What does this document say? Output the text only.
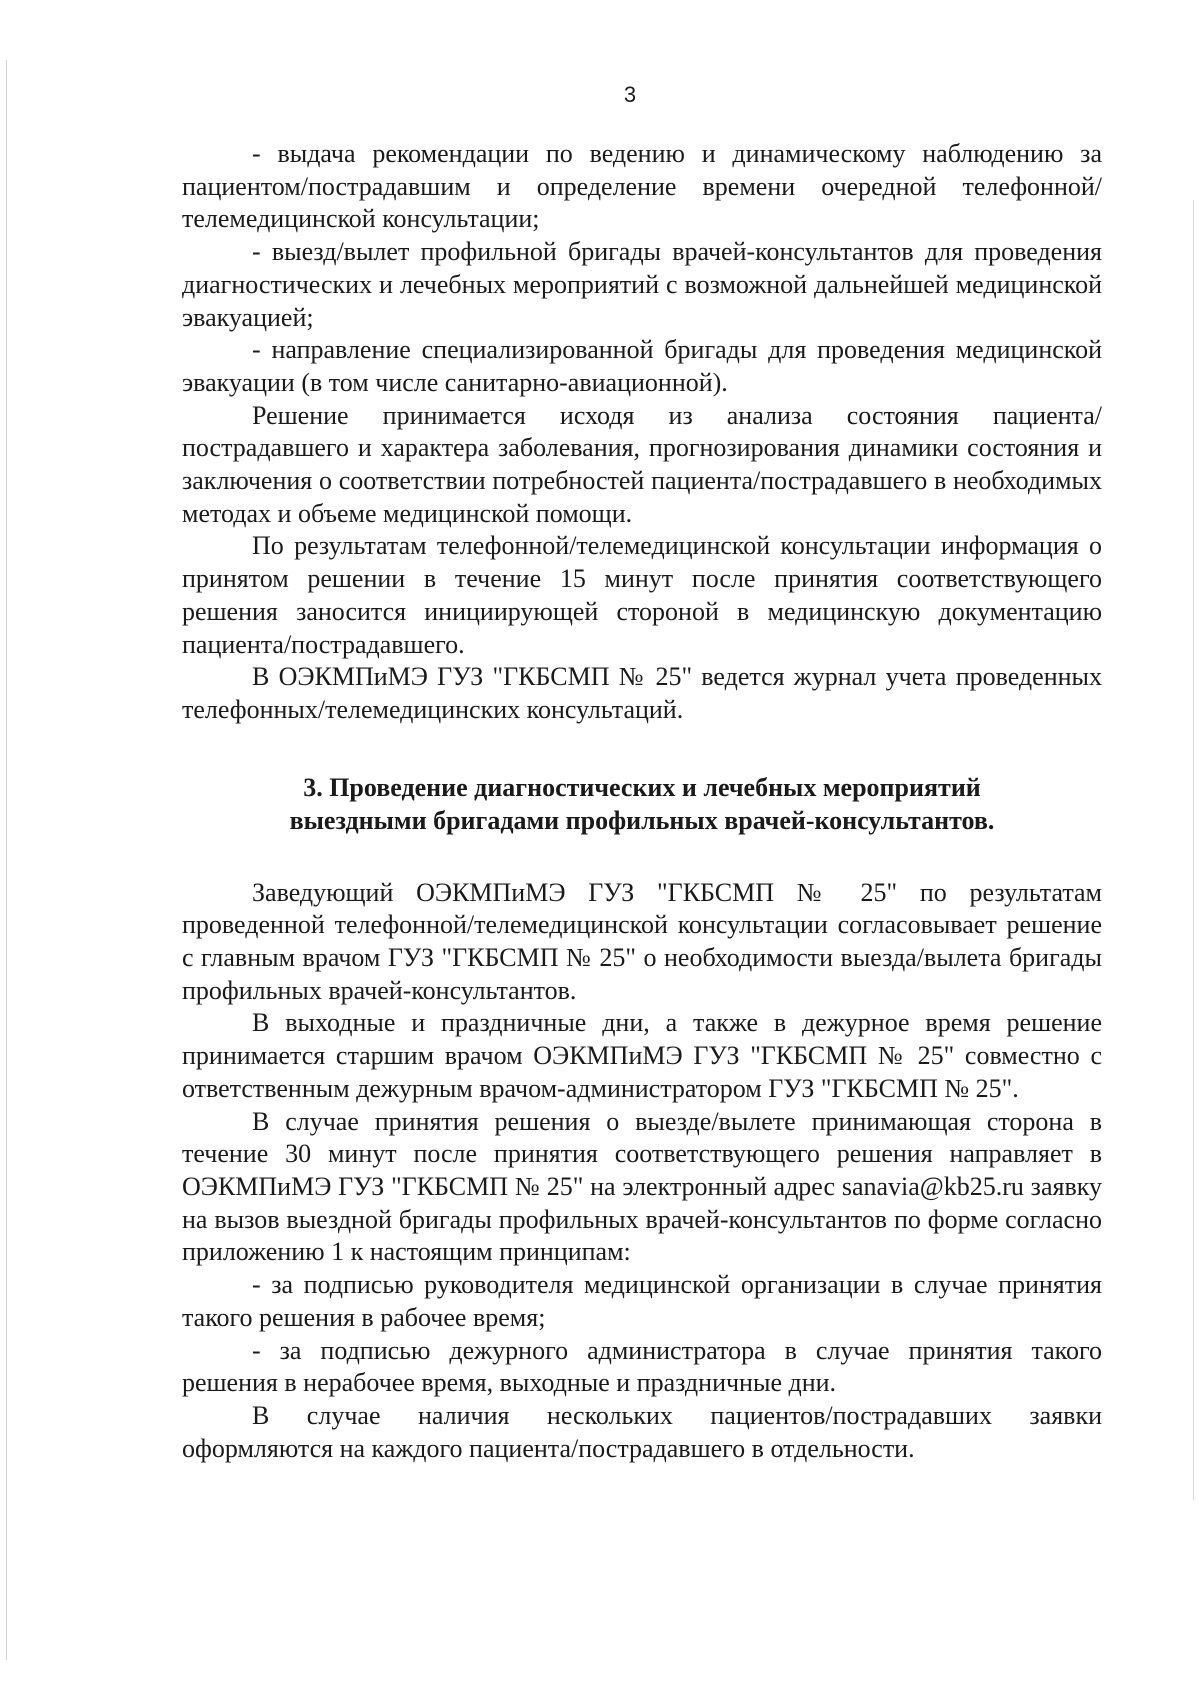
3

- выдача рекомендации по ведению и динамическому наблюдению за пациентом/пострадавшим и определение времени очередной телефонной/телемедицинской консультации;

- выезд/вылет профильной бригады врачей-консультантов для проведения диагностических и лечебных мероприятий с возможной дальнейшей медицинской эвакуацией;

- направление специализированной бригады для проведения медицинской эвакуации (в том числе санитарно-авиационной).

Решение принимается исходя из анализа состояния пациента/пострадавшего и характера заболевания, прогнозирования динамики состояния и заключения о соответствии потребностей пациента/пострадавшего в необходимых методах и объеме медицинской помощи.

По результатам телефонной/телемедицинской консультации информация о принятом решении в течение 15 минут после принятия соответствующего решения заносится инициирующей стороной в медицинскую документацию пациента/пострадавшего.

В ОЭКМПиМЭ ГУЗ "ГКБСМП № 25" ведется журнал учета проведенных телефонных/телемедицинских консультаций.

3. Проведение диагностических и лечебных мероприятий
выездными бригадами профильных врачей-консультантов.

Заведующий ОЭКМПиМЭ ГУЗ "ГКБСМП № 25" по результатам проведенной телефонной/телемедицинской консультации согласовывает решение с главным врачом ГУЗ "ГКБСМП № 25" о необходимости выезда/вылета бригады профильных врачей-консультантов.

В выходные и праздничные дни, а также в дежурное время решение принимается старшим врачом ОЭКМПиМЭ ГУЗ "ГКБСМП № 25" совместно с ответственным дежурным врачом-администратором ГУЗ "ГКБСМП № 25".

В случае принятия решения о выезде/вылете принимающая сторона в течение 30 минут после принятия соответствующего решения направляет в ОЭКМПиМЭ ГУЗ "ГКБСМП № 25" на электронный адрес sanavia@kb25.ru заявку на вызов выездной бригады профильных врачей-консультантов по форме согласно приложению 1 к настоящим принципам:

- за подписью руководителя медицинской организации в случае принятия такого решения в рабочее время;

- за подписью дежурного администратора в случае принятия такого решения в нерабочее время, выходные и праздничные дни.

В случае наличия нескольких пациентов/пострадавших заявки оформляются на каждого пациента/пострадавшего в отдельности.
